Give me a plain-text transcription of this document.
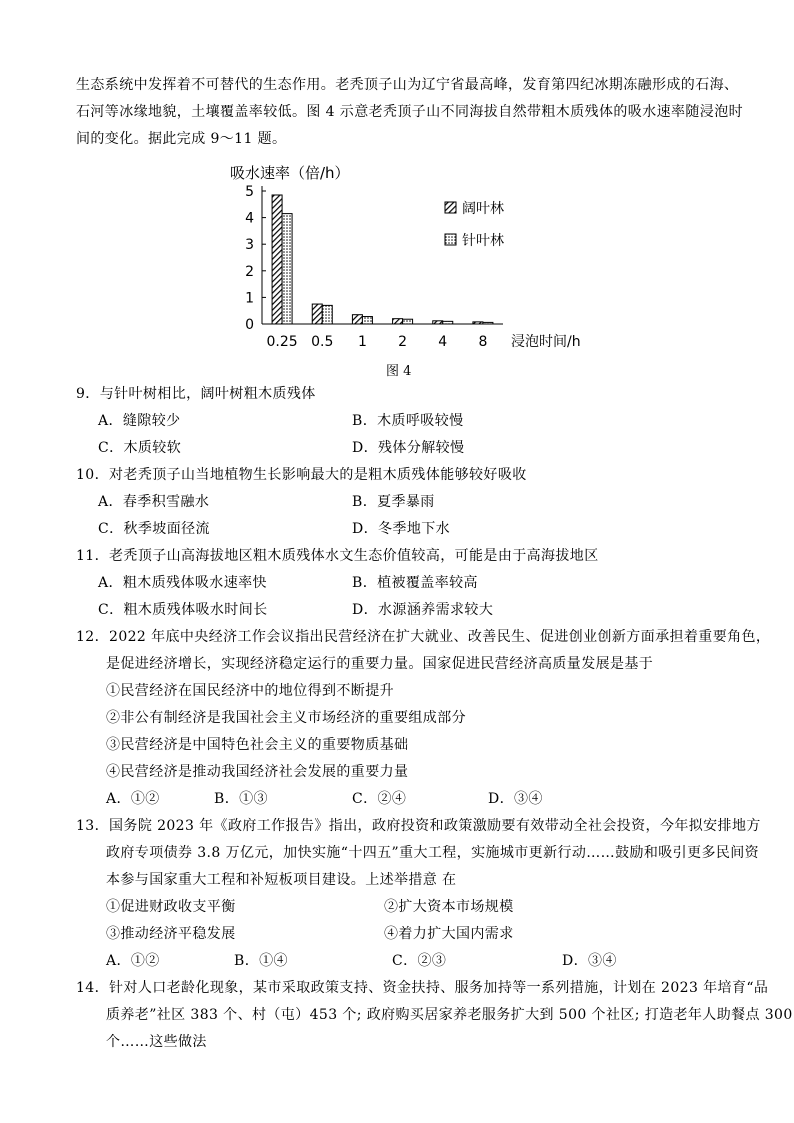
生态系统中发挥着不可替代的生态作用。老秃顶子山为辽宁省最高峰，发育第四纪冰期冻融形成的石海、
石河等冰缘地貌，土壤覆盖率较低。图 4 示意老秃顶子山不同海拔自然带粗木质残体的吸水速率随浸泡时
间的变化。据此完成 9～11 题。
吸水速率（倍/h）
0
1
2
3
4
5
0.25 0.5 1 2 4 8 浸泡时间/h
阔叶林
针叶林
图 4
9．与针叶树相比，阔叶树粗木质残体
A．缝隙较少	B．木质呼吸较慢
C．木质较软	D．残体分解较慢
10．对老秃顶子山当地植物生长影响最大的是粗木质残体能够较好吸收
A．春季积雪融水	B．夏季暴雨
C．秋季坡面径流	D．冬季地下水
11．老秃顶子山高海拔地区粗木质残体水文生态价值较高，可能是由于高海拔地区
A．粗木质残体吸水速率快	B．植被覆盖率较高
C．粗木质残体吸水时间长	D．水源涵养需求较大
12．2022 年底中央经济工作会议指出民营经济在扩大就业、改善民生、促进创业创新方面承担着重要角色，
是促进经济增长，实现经济稳定运行的重要力量。国家促进民营经济高质量发展是基于
①民营经济在国民经济中的地位得到不断提升
②非公有制经济是我国社会主义市场经济的重要组成部分
③民营经济是中国特色社会主义的重要物质基础
④民营经济是推动我国经济社会发展的重要力量
A．①②	B．①③	C．②④	D．③④
13．国务院 2023 年《政府工作报告》指出，政府投资和政策激励要有效带动全社会投资，今年拟安排地方
政府专项债券 3.8 万亿元，加快实施“十四五”重大工程，实施城市更新行动……鼓励和吸引更多民间资
本参与国家重大工程和补短板项目建设。上述举措意 在
①促进财政收支平衡	②扩大资本市场规模
③推动经济平稳发展	④着力扩大国内需求
A．①②	B．①④	C．②③	D．③④
14．针对人口老龄化现象，某市采取政策支持、资金扶持、服务加持等一系列措施，计划在 2023 年培育“品
质养老”社区 383 个、村（屯）453 个; 政府购买居家养老服务扩大到 500 个社区; 打造老年人助餐点 300
个……这些做法
